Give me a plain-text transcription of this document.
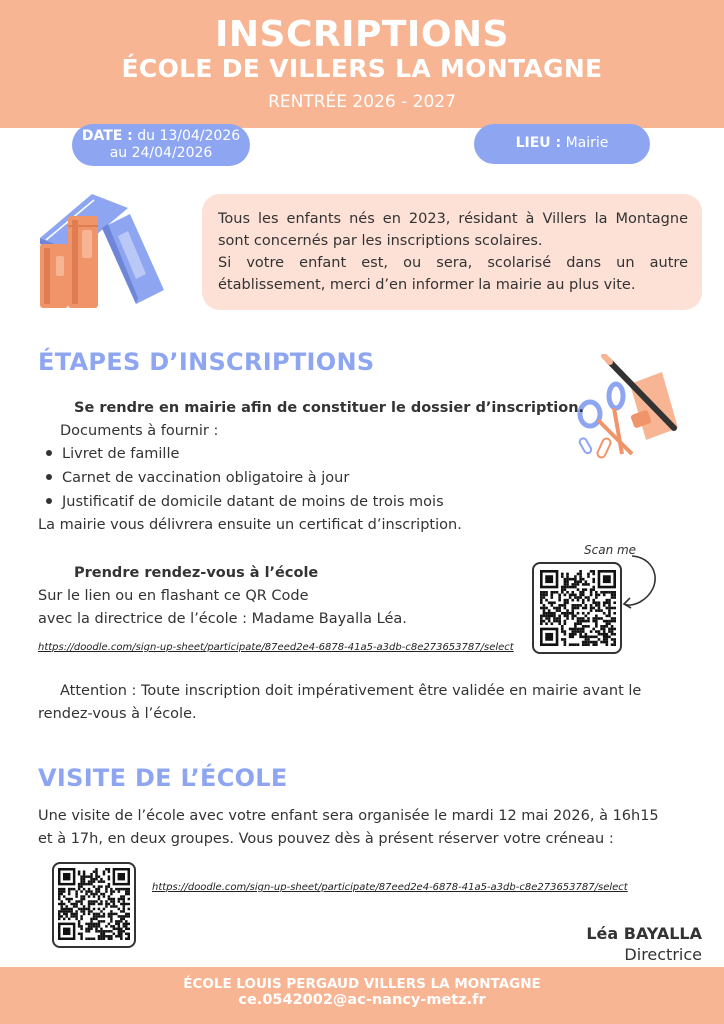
INSCRIPTIONS
ÉCOLE DE VILLERS LA MONTAGNE
RENTRÉE 2026 - 2027
DATE : du 13/04/2026
au 24/04/2026
LIEU : Mairie

Tous les enfants nés en 2023, résidant à Villers la Montagne sont concernés par les inscriptions scolaires.

Si votre enfant est, ou sera, scolarisé dans un autre établissement, merci d’en informer la mairie au plus vite.

ÉTAPES D’INSCRIPTIONS
Se rendre en mairie afin de constituer le dossier d’inscription.
Documents à fournir :
Livret de famille
Carnet de vaccination obligatoire à jour
Justificatif de domicile datant de moins de trois mois
La mairie vous délivrera ensuite un certificat d’inscription.
Prendre rendez-vous à l’école
Sur le lien ou en flashant ce QR Code
avec la directrice de l’école : Madame Bayalla Léa.
https://doodle.com/sign-up-sheet/participate/87eed2e4-6878-41a5-a3db-c8e273653787/select
Scan me
Attention : Toute inscription doit impérativement être validée en mairie avant le
rendez-vous à l’école.
VISITE DE L’ÉCOLE
Une visite de l’école avec votre enfant sera organisée le mardi 12 mai 2026, à 16h15
et à 17h, en deux groupes. Vous pouvez dès à présent réserver votre créneau :
https://doodle.com/sign-up-sheet/participate/87eed2e4-6878-41a5-a3db-c8e273653787/select
Léa BAYALLA
Directrice
ÉCOLE LOUIS PERGAUD VILLERS LA MONTAGNE
ce.0542002@ac-nancy-metz.fr
